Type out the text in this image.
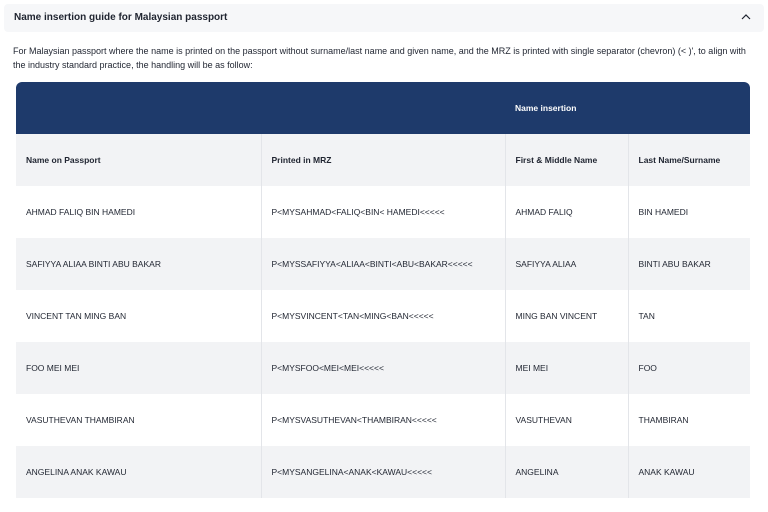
Name insertion guide for Malaysian passport
For Malaysian passport where the name is printed on the passport without surname/last name and given name, and the MRZ is printed with single separator (chevron) (< )', to align with the industry standard practice, the handling will be as follow:
		Name insertion	
Name on Passport	Printed in MRZ	First & Middle Name	Last Name/Surname
AHMAD FALIQ BIN HAMEDI	P<MYSAHMAD<FALIQ<BIN< HAMEDI<<<<<	AHMAD FALIQ	BIN HAMEDI
SAFIYYA ALIAA BINTI ABU BAKAR	P<MYSSAFIYYA<ALIAA<BINTI<ABU<BAKAR<<<<<	SAFIYYA ALIAA	BINTI ABU BAKAR
VINCENT TAN MING BAN	P<MYSVINCENT<TAN<MING<BAN<<<<<	MING BAN VINCENT	TAN
FOO MEI MEI	P<MYSFOO<MEI<MEI<<<<<	MEI MEI	FOO
VASUTHEVAN THAMBIRAN	P<MYSVASUTHEVAN<THAMBIRAN<<<<<	VASUTHEVAN	THAMBIRAN
ANGELINA ANAK KAWAU	P<MYSANGELINA<ANAK<KAWAU<<<<<	ANGELINA	ANAK KAWAU
